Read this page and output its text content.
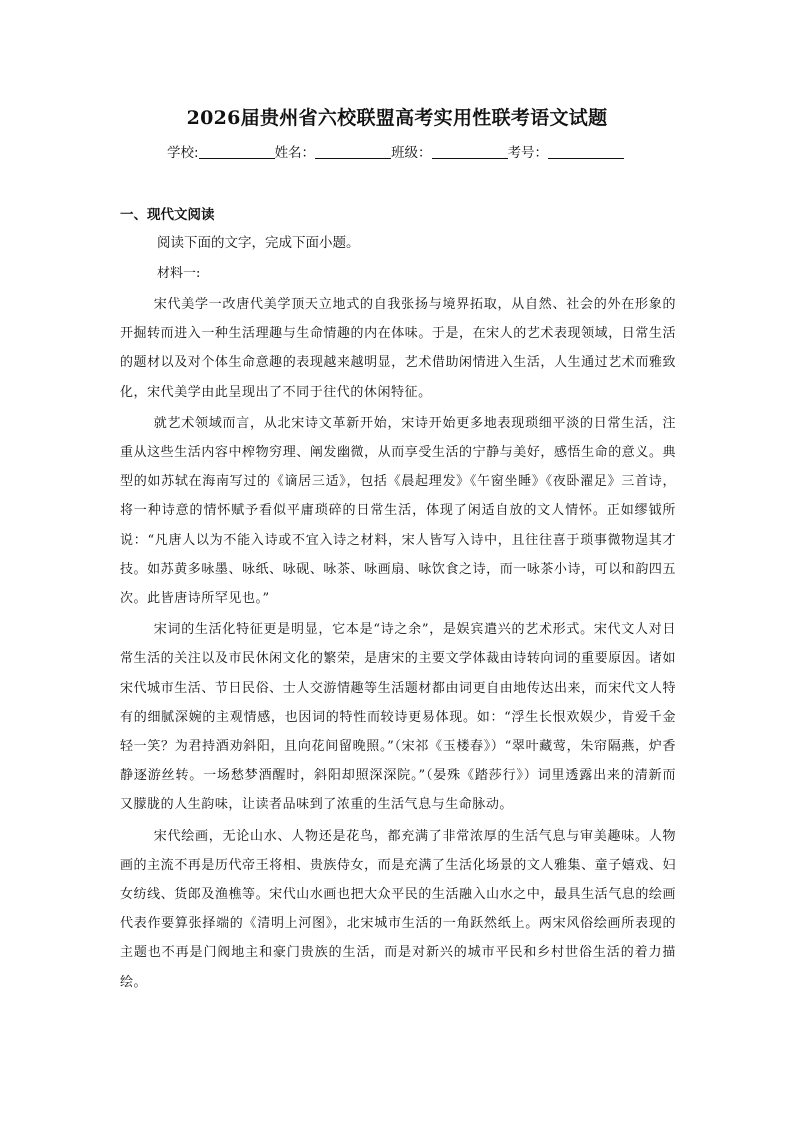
2026届贵州省六校联盟高考实用性联考语文试题
学校:	姓名：	班级：	考号：

一、现代文阅读

阅读下面的文字，完成下面小题。

材料一:

宋代美学一改唐代美学顶天立地式的自我张扬与境界拓取，从自然、社会的外在形象的开掘转而进入一种生活理趣与生命情趣的内在体味。于是，在宋人的艺术表现领域，日常生活的题材以及对个体生命意趣的表现越来越明显，艺术借助闲情进入生活，人生通过艺术而雅致化，宋代美学由此呈现出了不同于往代的休闲特征。

就艺术领域而言，从北宋诗文革新开始，宋诗开始更多地表现琐细平淡的日常生活，注重从这些生活内容中榨物穷理、阐发幽微，从而享受生活的宁静与美好，感悟生命的意义。典型的如苏轼在海南写过的《谪居三适》，包括《晨起理发》《午窗坐睡》《夜卧濯足》三首诗，将一种诗意的情怀赋予看似平庸琐碎的日常生活，体现了闲适自放的文人情怀。正如缪钺所说：“凡唐人以为不能入诗或不宜入诗之材料，宋人皆写入诗中，且往往喜于琐事微物逞其才技。如苏黄多咏墨、咏纸、咏砚、咏茶、咏画扇、咏饮食之诗，而一咏茶小诗，可以和韵四五次。此皆唐诗所罕见也。”

宋词的生活化特征更是明显，它本是“诗之余”，是娱宾遣兴的艺术形式。宋代文人对日常生活的关注以及市民休闲文化的繁荣，是唐宋的主要文学体裁由诗转向词的重要原因。诸如宋代城市生活、节日民俗、士人交游情趣等生活题材都由词更自由地传达出来，而宋代文人特有的细腻深婉的主观情感，也因词的特性而较诗更易体现。如：“浮生长恨欢娱少，肯爱千金轻一笑？为君持酒劝斜阳，且向花间留晚照。”（宋祁《玉楼春》）“翠叶藏莺，朱帘隔燕，炉香静逐游丝转。一场愁梦酒醒时，斜阳却照深深院。”（晏殊《踏莎行》）词里透露出来的清新而又朦胧的人生韵味，让读者品味到了浓重的生活气息与生命脉动。

宋代绘画，无论山水、人物还是花鸟，都充满了非常浓厚的生活气息与审美趣味。人物画的主流不再是历代帝王将相、贵族侍女，而是充满了生活化场景的文人雅集、童子嬉戏、妇女纺线、货郎及渔樵等。宋代山水画也把大众平民的生活融入山水之中，最具生活气息的绘画代表作要算张择端的《清明上河图》，北宋城市生活的一角跃然纸上。两宋风俗绘画所表现的主题也不再是门阀地主和豪门贵族的生活，而是对新兴的城市平民和乡村世俗生活的着力描绘。
